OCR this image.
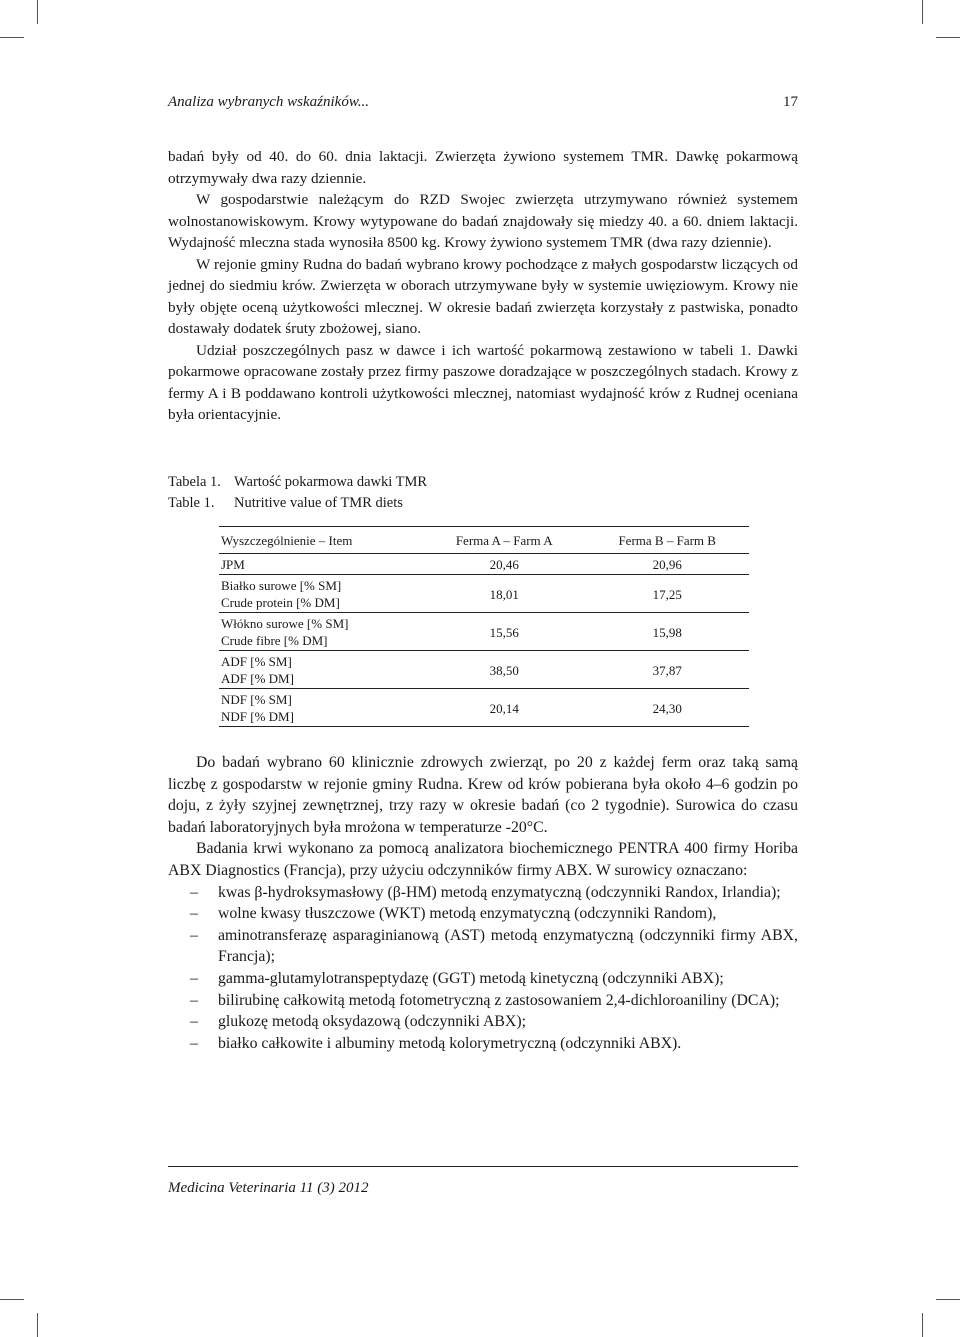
Analiza wybranych wskaźników...	17

badań były od 40. do 60. dnia laktacji. Zwierzęta żywiono systemem TMR. Dawkę pokarmową otrzymywały dwa razy dziennie.

W gospodarstwie należącym do RZD Swojec zwierzęta utrzymywano również systemem wolnostanowiskowym. Krowy wytypowane do badań znajdowały się miedzy 40. a 60. dniem laktacji. Wydajność mleczna stada wynosiła 8500 kg. Krowy żywiono systemem TMR (dwa razy dziennie).

W rejonie gminy Rudna do badań wybrano krowy pochodzące z małych gospodarstw liczących od jednej do siedmiu krów. Zwierzęta w oborach utrzymywane były w systemie uwięziowym. Krowy nie były objęte oceną użytkowości mlecznej. W okresie badań zwierzęta korzystały z pastwiska, ponadto dostawały dodatek śruty zbożowej, siano.

Udział poszczególnych pasz w dawce i ich wartość pokarmową zestawiono w tabeli 1. Dawki pokarmowe opracowane zostały przez firmy paszowe doradzające w poszczególnych stadach. Krowy z fermy A i B poddawano kontroli użytkowości mlecznej, natomiast wydajność krów z Rudnej oceniana była orientacyjnie.

Tabela 1. Wartość pokarmowa dawki TMR
Table 1. Nutritive value of TMR diets
Wyszczególnienie – Item	Ferma A – Farm A	Ferma B – Farm B

JPM	20,46	20,96

Białko surowe [% SM]
Crude protein [% DM]	18,01	17,25

Włókno surowe [% SM]
Crude fibre [% DM]	15,56	15,98

ADF [% SM]
ADF [% DM]	38,50	37,87

NDF [% SM]
NDF [% DM]	20,14	24,30

Do badań wybrano 60 klinicznie zdrowych zwierząt, po 20 z każdej ferm oraz taką samą liczbę z gospodarstw w rejonie gminy Rudna. Krew od krów pobierana była około 4–6 godzin po doju, z żyły szyjnej zewnętrznej, trzy razy w okresie badań (co 2 tygodnie). Surowica do czasu badań laboratoryjnych była mrożona w temperaturze -20°C.

Badania krwi wykonano za pomocą analizatora biochemicznego PENTRA 400 firmy Horiba ABX Diagnostics (Francja), przy użyciu odczynników firmy ABX. W surowicy oznaczano:

– kwas β-hydroksymasłowy (β-HM) metodą enzymatyczną (odczynniki Randox, Irlandia);
– wolne kwasy tłuszczowe (WKT) metodą enzymatyczną (odczynniki Random),
– aminotransferazę asparaginianową (AST) metodą enzymatyczną (odczynniki firmy ABX, Francja);
– gamma-glutamylotranspeptydazę (GGT) metodą kinetyczną (odczynniki ABX);
– bilirubinę całkowitą metodą fotometryczną z zastosowaniem 2,4-dichloroaniliny (DCA);
– glukozę metodą oksydazową (odczynniki ABX);
– białko całkowite i albuminy metodą kolorymetryczną (odczynniki ABX).
Medicina Veterinaria 11 (3) 2012
